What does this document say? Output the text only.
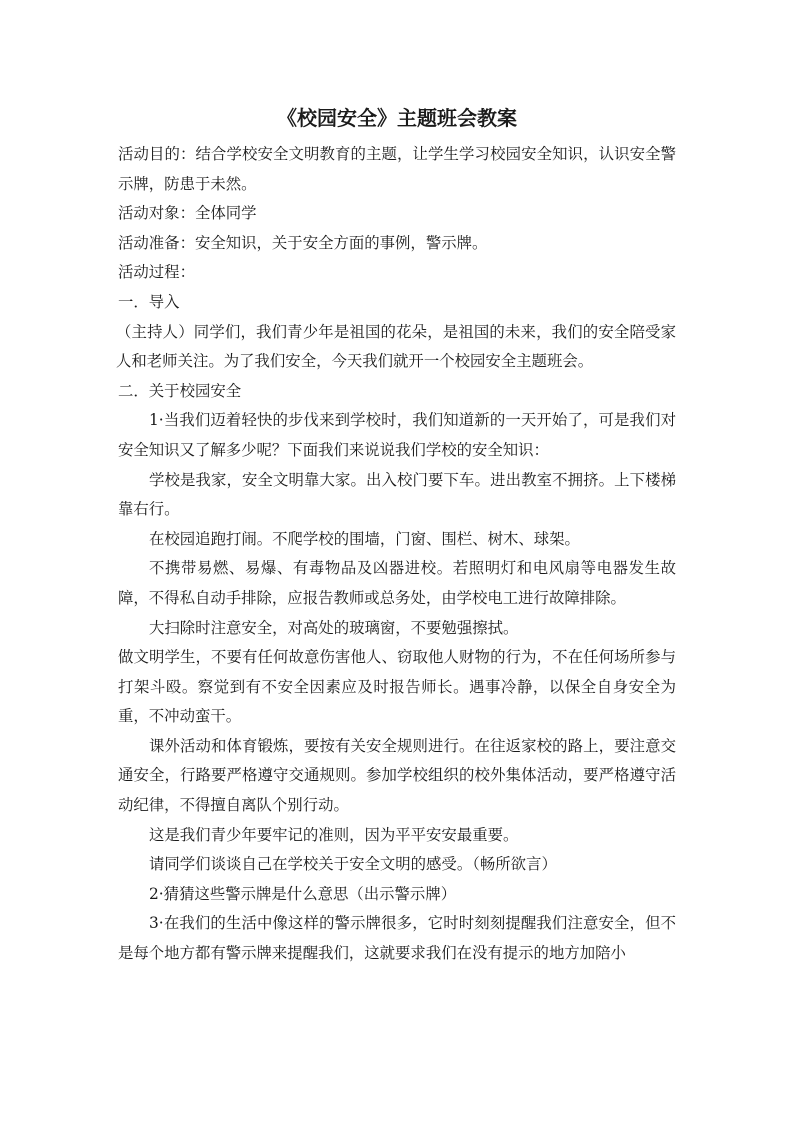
《校园安全》主题班会教案

活动目的：结合学校安全文明教育的主题，让学生学习校园安全知识，认识安全警示牌，防患于未然。

活动对象：全体同学

活动准备：安全知识，关于安全方面的事例，警示牌。

活动过程：

一．导入

（主持人）同学们，我们青少年是祖国的花朵，是祖国的未来，我们的安全陪受家人和老师关注。为了我们安全，今天我们就开一个校园安全主题班会。

二．关于校园安全

1·当我们迈着轻快的步伐来到学校时，我们知道新的一天开始了，可是我们对安全知识又了解多少呢？下面我们来说说我们学校的安全知识：

学校是我家，安全文明靠大家。出入校门要下车。进出教室不拥挤。上下楼梯靠右行。

在校园追跑打闹。不爬学校的围墙，门窗、围栏、树木、球架。

不携带易燃、易爆、有毒物品及凶器进校。若照明灯和电风扇等电器发生故障，不得私自动手排除，应报告教师或总务处，由学校电工进行故障排除。

大扫除时注意安全，对高处的玻璃窗，不要勉强擦拭。

做文明学生，不要有任何故意伤害他人、窃取他人财物的行为，不在任何场所参与打架斗殴。察觉到有不安全因素应及时报告师长。遇事冷静，以保全自身安全为重，不冲动蛮干。

课外活动和体育锻炼，要按有关安全规则进行。在往返家校的路上，要注意交通安全，行路要严格遵守交通规则。参加学校组织的校外集体活动，要严格遵守活动纪律，不得擅自离队个别行动。

这是我们青少年要牢记的准则，因为平平安安最重要。

请同学们谈谈自己在学校关于安全文明的感受。（畅所欲言）

2·猜猜这些警示牌是什么意思（出示警示牌）

3·在我们的生活中像这样的警示牌很多，它时时刻刻提醒我们注意安全，但不是每个地方都有警示牌来提醒我们，这就要求我们在没有提示的地方加陪小
